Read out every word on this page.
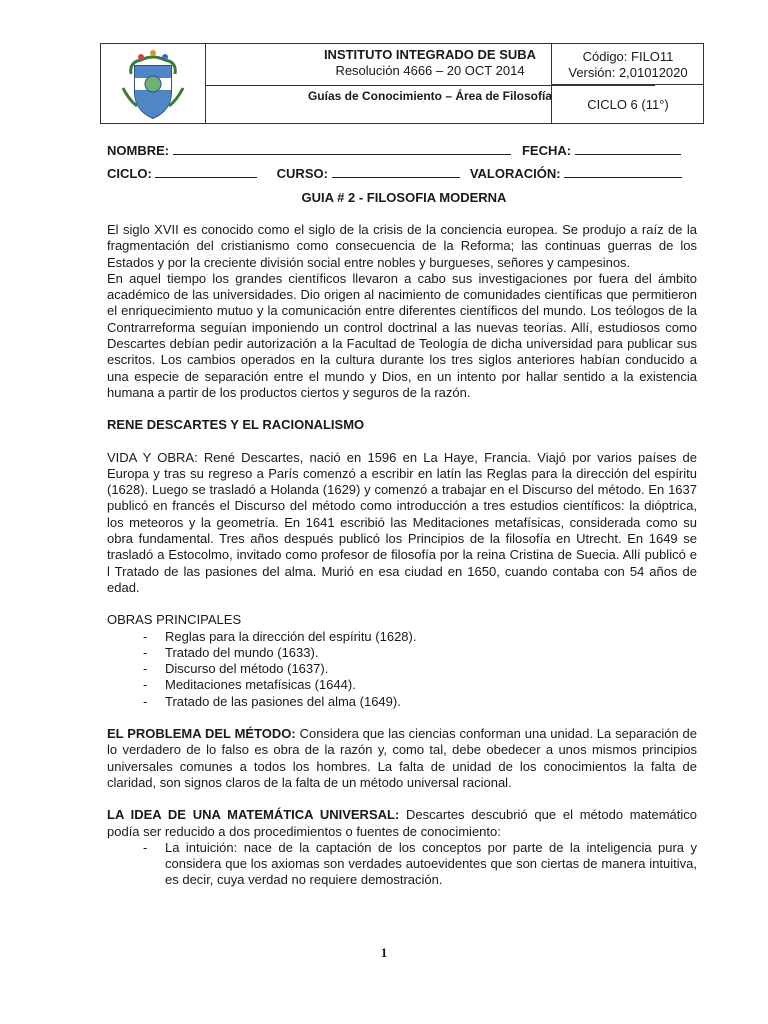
INSTITUTO INTEGRADO DE SUBA
Resolución 4666 – 20 OCT 2014
Guías de Conocimiento – Área de Filosofía
Código: FILO11
Versión: 2,01012020
CICLO 6 (11°)
NOMBRE:	FECHA:
CICLO:	CURSO:	VALORACIÓN:
GUIA # 2 - FILOSOFIA MODERNA

El siglo XVII es conocido como el siglo de la crisis de la conciencia europea. Se produjo a raíz de la fragmentación del cristianismo como consecuencia de la Reforma; las continuas guerras de los Estados y por la creciente división social entre nobles y burgueses, señores y campesinos.

En aquel tiempo los grandes científicos llevaron a cabo sus investigaciones por fuera del ámbito académico de las universidades. Dio origen al nacimiento de comunidades científicas que permitieron el enriquecimiento mutuo y la comunicación entre diferentes científicos del mundo. Los teólogos de la Contrarreforma seguían imponiendo un control doctrinal a las nuevas teorías. Allí, estudiosos como Descartes debían pedir autorización a la Facultad de Teología de dicha universidad para publicar sus escritos. Los cambios operados en la cultura durante los tres siglos anteriores habían conducido a una especie de separación entre el mundo y Dios, en un intento por hallar sentido a la existencia humana a partir de los productos ciertos y seguros de la razón.

RENE DESCARTES Y EL RACIONALISMO

VIDA Y OBRA: René Descartes, nació en 1596 en La Haye, Francia. Viajó por varios países de Europa y tras su regreso a París comenzó a escribir en latín las Reglas para la dirección del espíritu (1628). Luego se trasladó a Holanda (1629) y comenzó a trabajar en el Discurso del método. En 1637 publicó en francés el Discurso del método como introducción a tres estudios científicos: la dióptrica, los meteoros y la geometría. En 1641 escribió las Meditaciones metafísicas, considerada como su obra fundamental. Tres años después publicó los Principios de la filosofía en Utrecht. En 1649 se trasladó a Estocolmo, invitado como profesor de filosofía por la reina Cristina de Suecia. Allí publicó e l Tratado de las pasiones del alma. Murió en esa ciudad en 1650, cuando contaba con 54 años de edad.

OBRAS PRINCIPALES
- Reglas para la dirección del espíritu (1628).
- Tratado del mundo (1633).
- Discurso del método (1637).
- Meditaciones metafísicas (1644).
- Tratado de las pasiones del alma (1649).

EL PROBLEMA DEL MÉTODO: Considera que las ciencias conforman una unidad. La separación de lo verdadero de lo falso es obra de la razón y, como tal, debe obedecer a unos mismos principios universales comunes a todos los hombres. La falta de unidad de los conocimientos la falta de claridad, son signos claros de la falta de un método universal racional.

LA IDEA DE UNA MATEMÁTICA UNIVERSAL: Descartes descubrió que el método matemático podía ser reducido a dos procedimientos o fuentes de conocimiento:

- La intuición: nace de la captación de los conceptos por parte de la inteligencia pura y considera que los axiomas son verdades autoevidentes que son ciertas de manera intuitiva, es decir, cuya verdad no requiere demostración.
1
